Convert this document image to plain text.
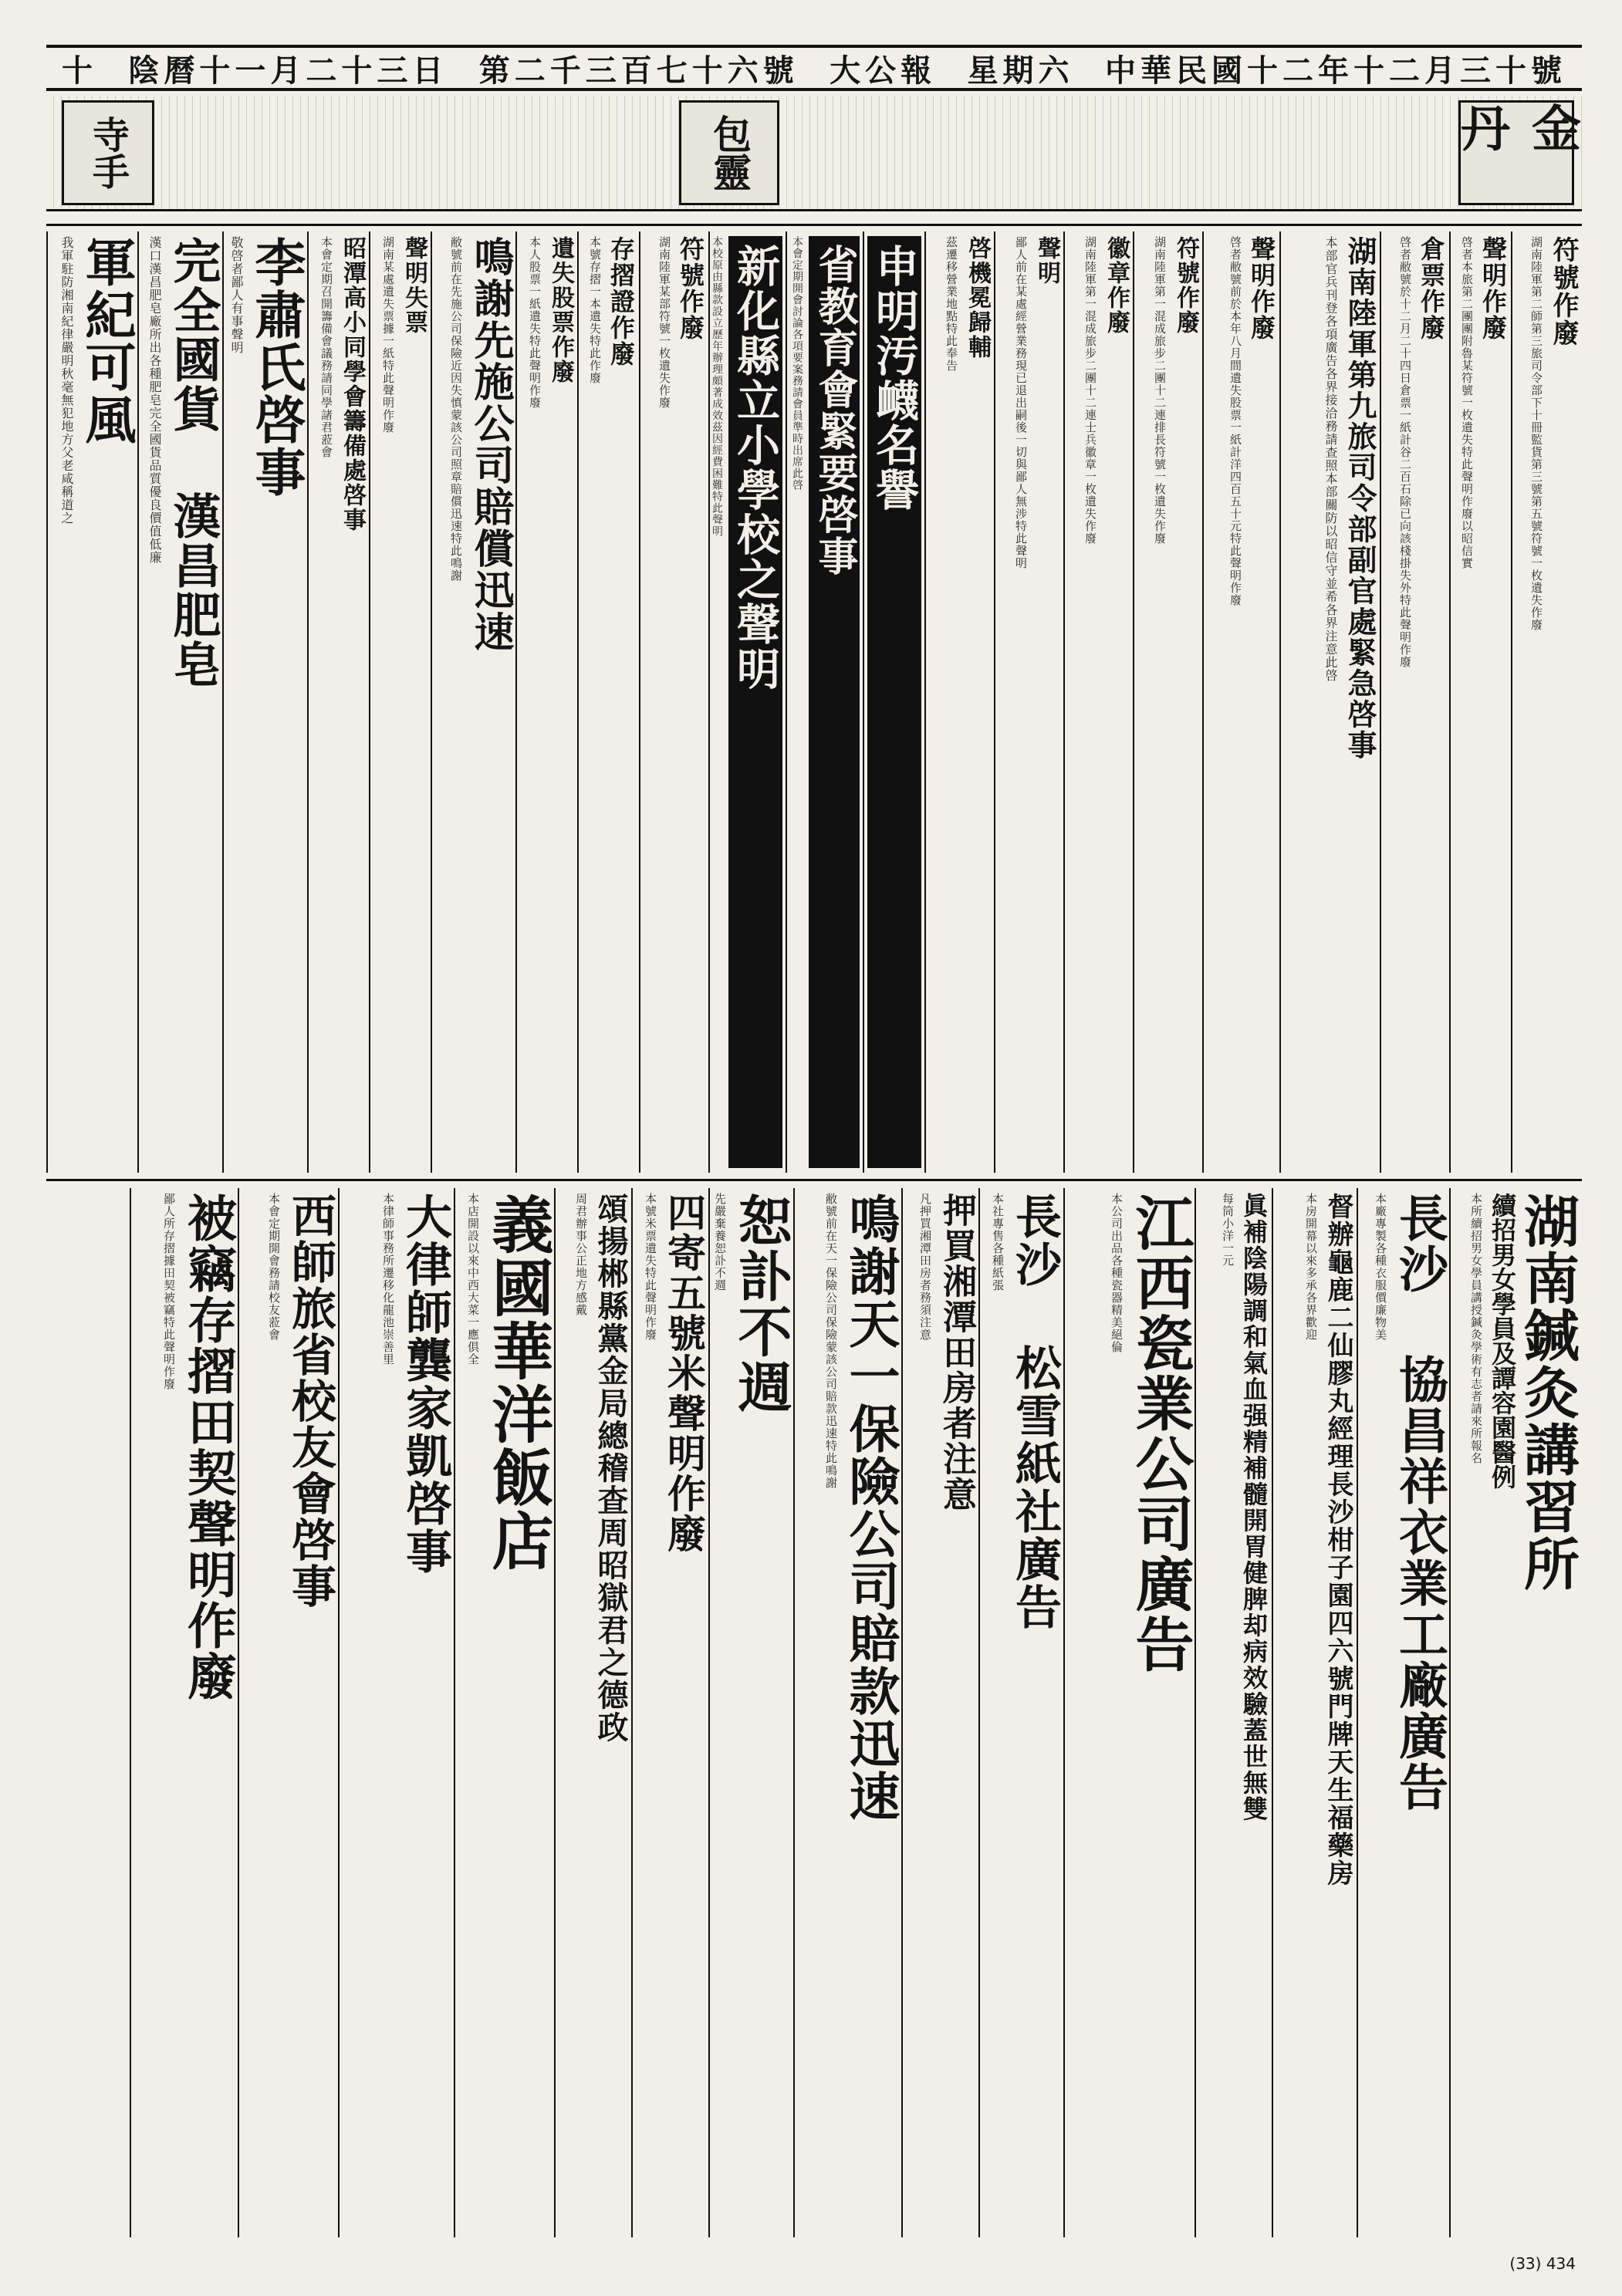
中華民國十二年十二月三十號
星期六
大公報
第二千三百七十六號
陰曆十一月二十三日
十
金丹
包靈
寺手
符號作廢
湖南陸軍第二師第三旅司令部下十冊監貨第三號第五號符號一枚遺失作廢
聲明作廢
啓者本旅第二團團附魯某符號一枚遺失特此聲明作廢以昭信實
倉票作廢
啓者敝號於十二月二十四日倉票一紙計谷二百石除已向該棧掛失外特此聲明作廢
湖南陸軍第九旅司令部副官處緊急啓事
本部官兵刊登各項廣告各界接洽務請查照本部關防以昭信守並希各界注意此啓
聲明作廢
啓者敝號前於本年八月間遺失股票一紙計洋四百五十元特此聲明作廢
符號作廢
湖南陸軍第一混成旅步二團十二連排長符號一枚遺失作廢
徽章作廢
湖南陸軍第一混成旅步二團十二連士兵徽章一枚遺失作廢
聲明
鄙人前在某處經營業務現已退出嗣後一切與鄙人無涉特此聲明
啓機冕歸輔
茲遷移營業地點特此奉告
申明汚衊名譽
省教育會緊要啓事
本會定期開會討論各項要案務請會員準時出席此啓
新化縣立小學校之聲明
本校原由縣款設立歷年辦理頗著成效茲因經費困難特此聲明
符號作廢
湖南陸軍某部符號一枚遺失作廢
存摺證作廢
本號存摺一本遺失特此作廢
遺失股票作廢
本人股票一紙遺失特此聲明作廢
鳴謝先施公司賠償迅速
敝號前在先施公司保險近因失慎蒙該公司照章賠償迅速特此鳴謝
聲明失票
湖南某處遺失票據一紙特此聲明作廢
昭潭高小同學會籌備處啓事
本會定期召開籌備會議務請同學諸君蒞會
李肅氏啓事
敬啓者鄙人有事聲明
完全國貨 漢昌肥皂
漢口漢昌肥皂廠所出各種肥皂完全國貨品質優良價值低廉
軍紀可風
我軍駐防湘南紀律嚴明秋毫無犯地方父老咸稱道之
湖南鍼灸講習所
續招男女學員及譚容園醫例
本所續招男女學員講授鍼灸學術有志者請來所報名
長沙 協昌祥衣業工廠廣告
本廠專製各種衣服價廉物美
督辦龜鹿二仙膠丸經理長沙柑子園四六號門牌天生福藥房
本房開幕以來多承各界歡迎
眞補陰陽調和氣血强精補髓開胃健脾却病效驗蓋世無雙
每筒小洋一元
江西瓷業公司廣告
本公司出品各種瓷器精美絕倫
長沙 松雪紙社廣告
本社專售各種紙張
押買湘潭田房者注意
凡押買湘潭田房者務須注意
鳴謝天一保險公司賠款迅速
敝號前在天一保險公司保險蒙該公司賠款迅速特此鳴謝
恕訃不週
先嚴棄養恕訃不週
四寄五號米聲明作廢
本號米票遺失特此聲明作廢
頌揚郴縣黨金局總稽查周昭獄君之德政
周君辦事公正地方感戴
義國華洋飯店
本店開設以來中西大菜一應俱全
大律師龔家凱啓事
本律師事務所遷移化龍池崇善里
西師旅省校友會啓事
本會定期開會務請校友蒞會
被竊存摺田契聲明作廢
鄙人所存摺據田契被竊特此聲明作廢
(33) 434
